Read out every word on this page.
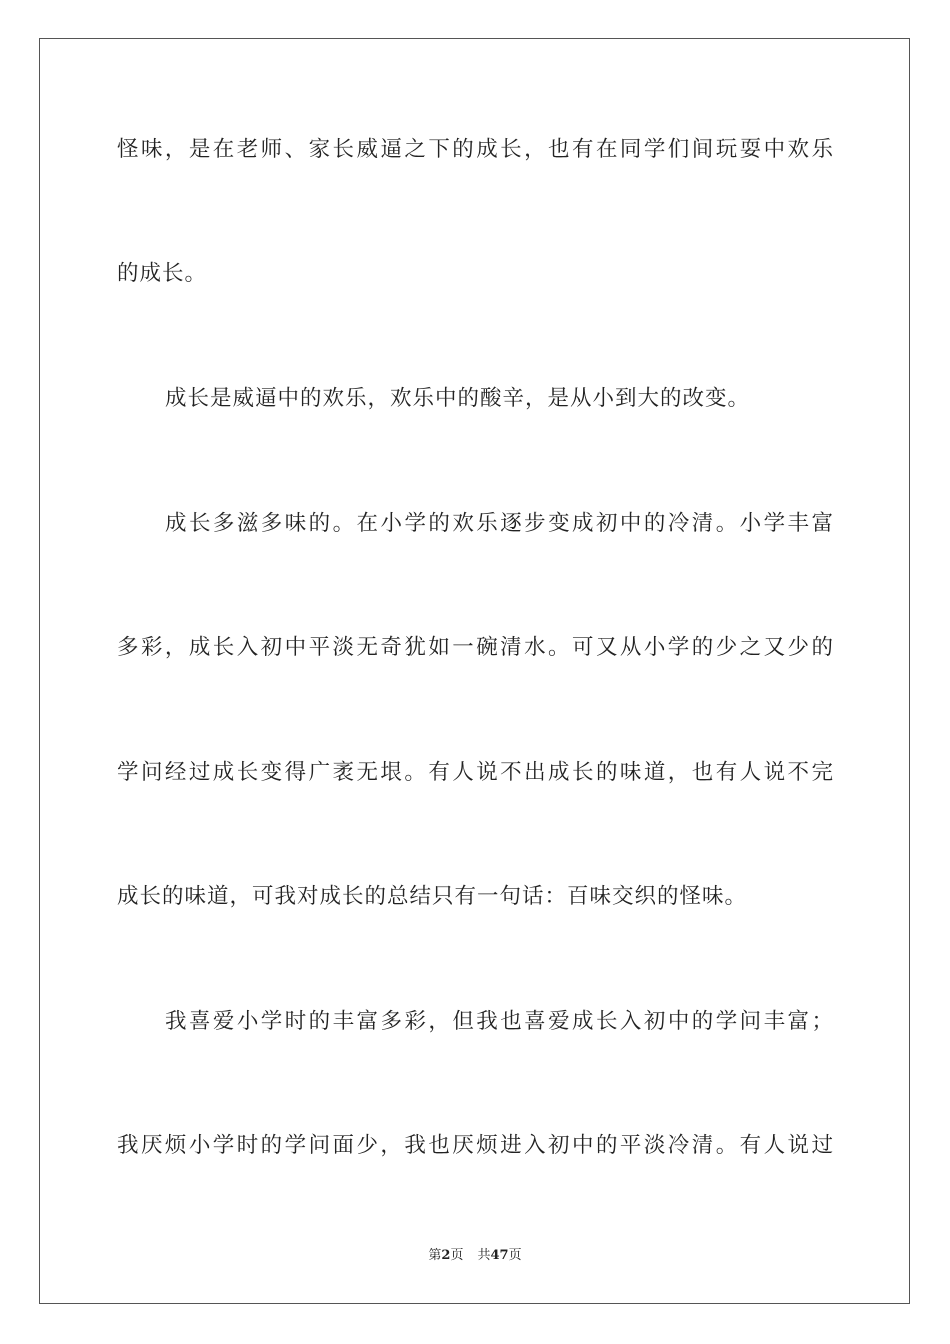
怪味，是在老师、家长威逼之下的成长，也有在同学们间玩耍中欢乐
的成长。
成长是威逼中的欢乐，欢乐中的酸辛，是从小到大的改变。
成长多滋多味的。在小学的欢乐逐步变成初中的冷清。小学丰富
多彩，成长入初中平淡无奇犹如一碗清水。可又从小学的少之又少的
学问经过成长变得广袤无垠。有人说不出成长的味道，也有人说不完
成长的味道，可我对成长的总结只有一句话：百味交织的怪味。
我喜爱小学时的丰富多彩，但我也喜爱成长入初中的学问丰富；
我厌烦小学时的学问面少，我也厌烦进入初中的平淡冷清。有人说过
第2页 共47页
